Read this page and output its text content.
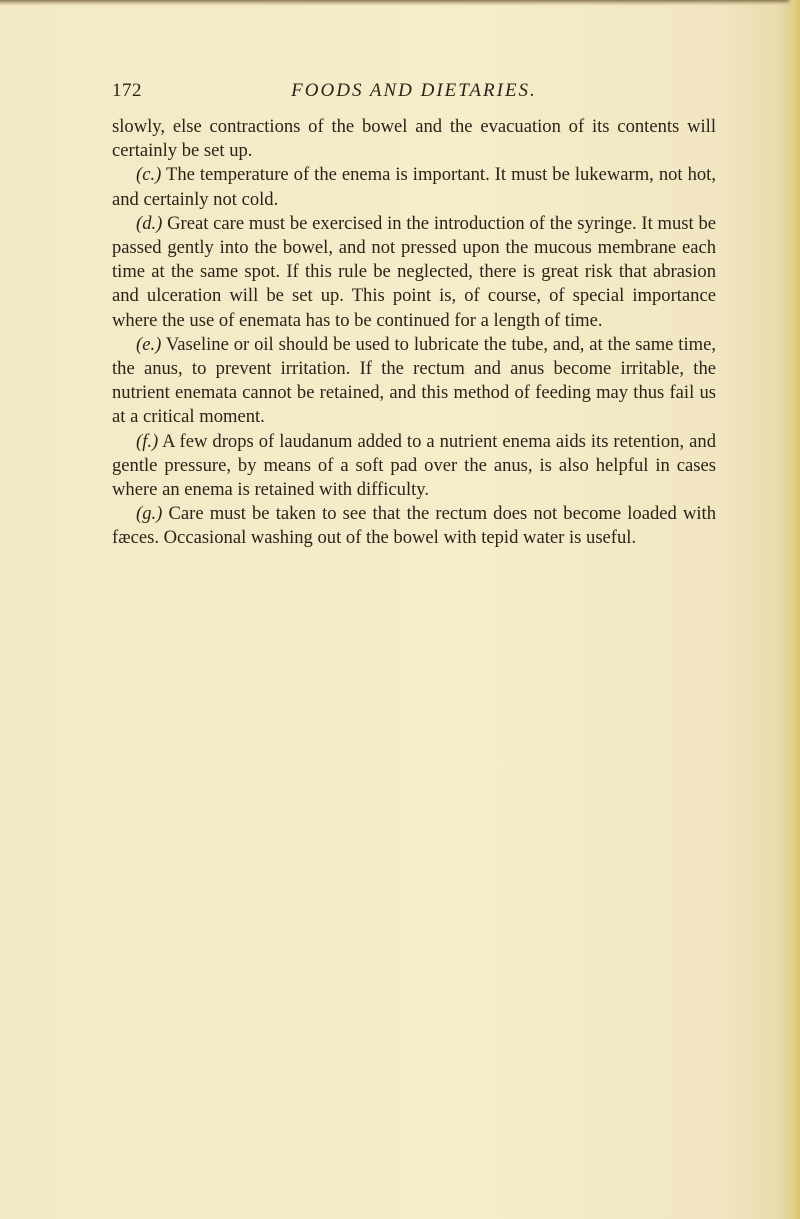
172	FOODS AND DIETARIES.

slowly, else contractions of the bowel and the evacuation of its contents will certainly be set up.

(c.) The temperature of the enema is important. It must be lukewarm, not hot, and certainly not cold.

(d.) Great care must be exercised in the introduction of the syringe. It must be passed gently into the bowel, and not pressed upon the mucous membrane each time at the same spot. If this rule be neglected, there is great risk that abrasion and ulceration will be set up. This point is, of course, of special importance where the use of enemata has to be continued for a length of time.

(e.) Vaseline or oil should be used to lubricate the tube, and, at the same time, the anus, to prevent irritation. If the rectum and anus become irritable, the nutrient enemata cannot be retained, and this method of feeding may thus fail us at a critical moment.

(f.) A few drops of laudanum added to a nutrient enema aids its retention, and gentle pressure, by means of a soft pad over the anus, is also helpful in cases where an enema is retained with difficulty.

(g.) Care must be taken to see that the rectum does not become loaded with fæces. Occasional washing out of the bowel with tepid water is useful.
